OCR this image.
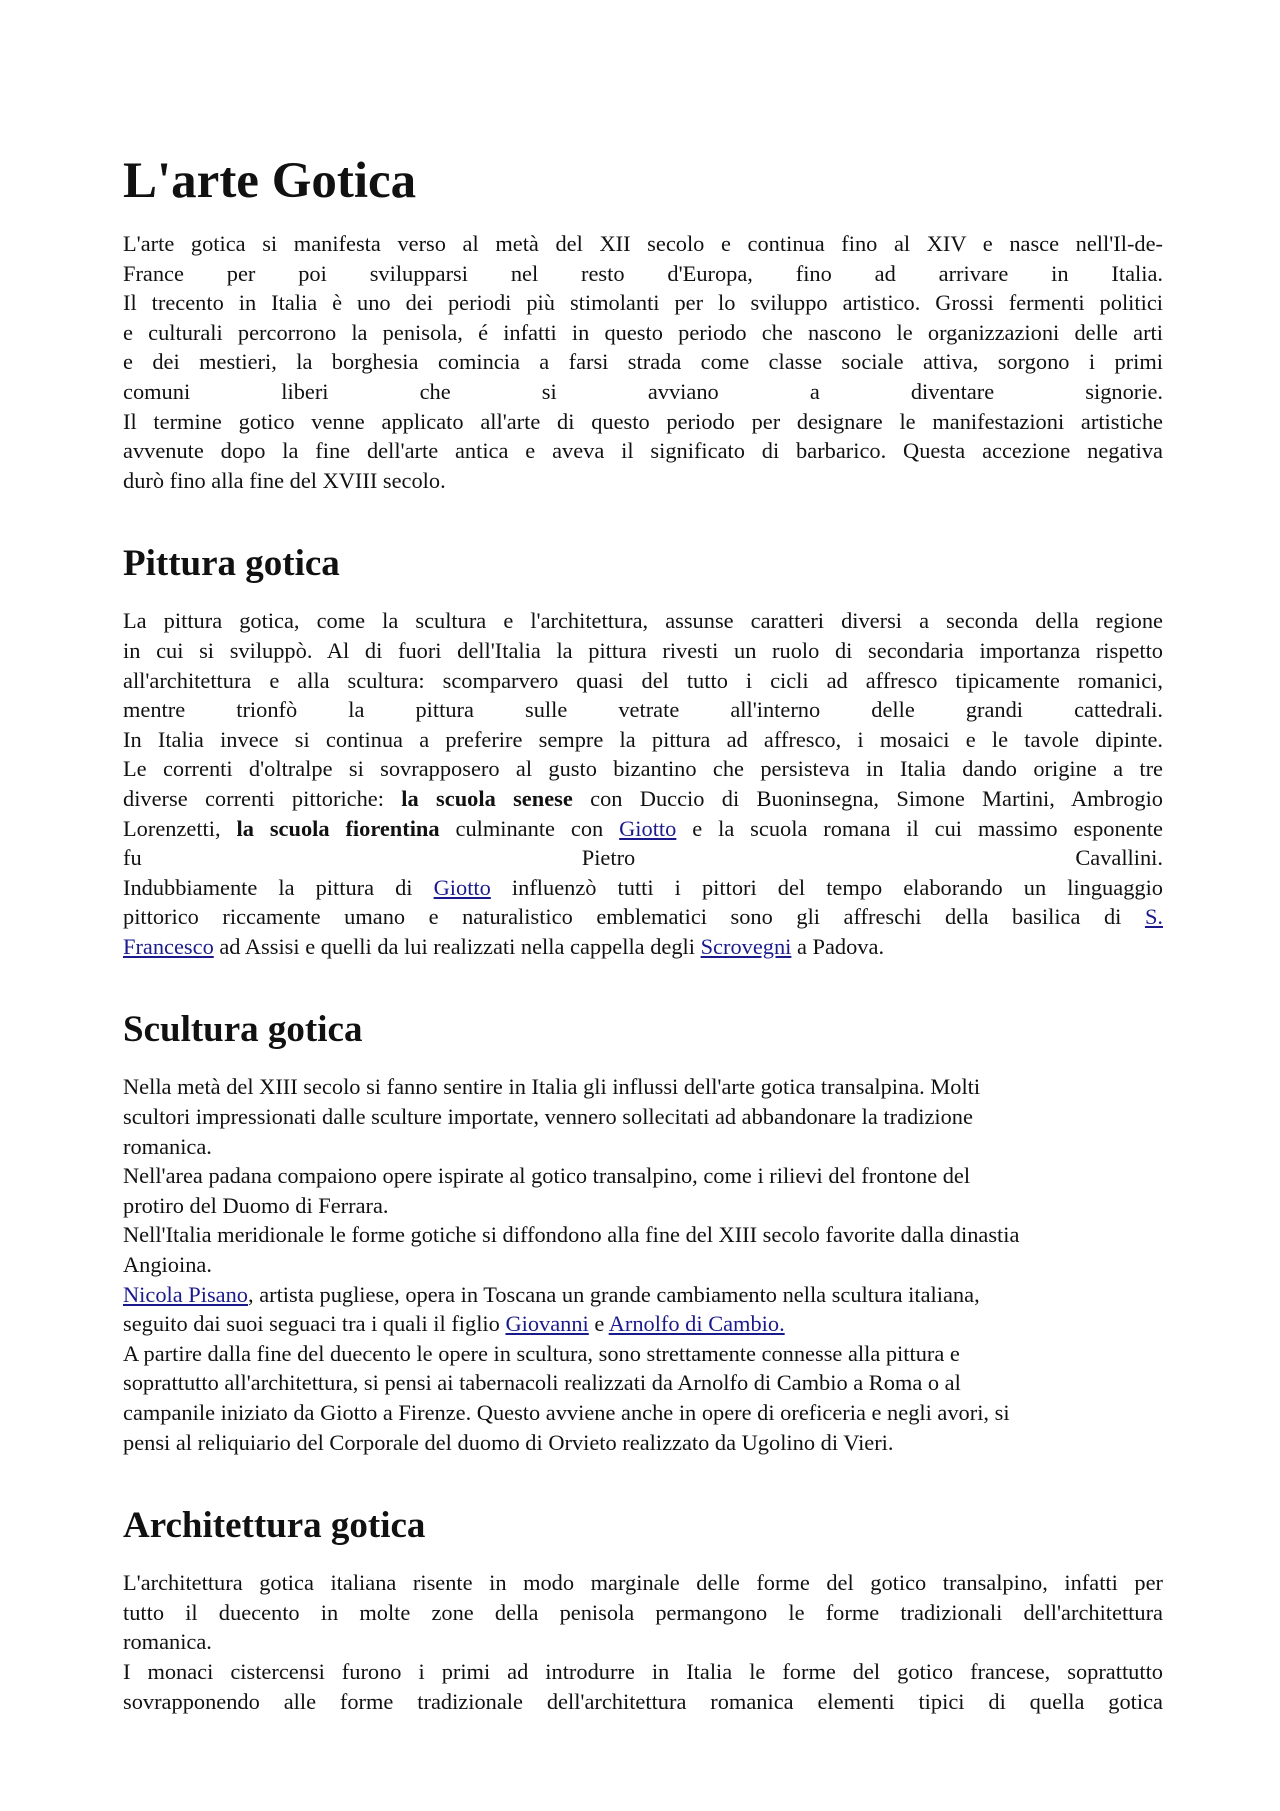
L'arte Gotica
L'arte gotica si manifesta verso al metà del XII secolo e continua fino al XIV e nasce nell'Il-de-
France per poi svilupparsi nel resto d'Europa, fino ad arrivare in Italia.
Il trecento in Italia è uno dei periodi più stimolanti per lo sviluppo artistico. Grossi fermenti politici
e culturali percorrono la penisola, é infatti in questo periodo che nascono le organizzazioni delle arti
e dei mestieri, la borghesia comincia a farsi strada come classe sociale attiva, sorgono i primi
comuni liberi che si avviano a diventare signorie.
Il termine gotico venne applicato all'arte di questo periodo per designare le manifestazioni artistiche
avvenute dopo la fine dell'arte antica e aveva il significato di barbarico. Questa accezione negativa
durò fino alla fine del XVIII secolo.
Pittura gotica
La pittura gotica, come la scultura e l'architettura, assunse caratteri diversi a seconda della regione
in cui si sviluppò. Al di fuori dell'Italia la pittura rivesti un ruolo di secondaria importanza rispetto
all'architettura e alla scultura: scomparvero quasi del tutto i cicli ad affresco tipicamente romanici,
mentre trionfò la pittura sulle vetrate all'interno delle grandi cattedrali.
In Italia invece si continua a preferire sempre la pittura ad affresco, i mosaici e le tavole dipinte.
Le correnti d'oltralpe si sovrapposero al gusto bizantino che persisteva in Italia dando origine a tre
diverse correnti pittoriche: la scuola senese con Duccio di Buoninsegna, Simone Martini, Ambrogio
Lorenzetti, la scuola fiorentina culminante con Giotto e la scuola romana il cui massimo esponente
fu Pietro Cavallini.
Indubbiamente la pittura di Giotto influenzò tutti i pittori del tempo elaborando un linguaggio
pittorico riccamente umano e naturalistico emblematici sono gli affreschi della basilica di S.
Francesco ad Assisi e quelli da lui realizzati nella cappella degli Scrovegni a Padova.
Scultura gotica
Nella metà del XIII secolo si fanno sentire in Italia gli influssi dell'arte gotica transalpina. Molti
scultori impressionati dalle sculture importate, vennero sollecitati ad abbandonare la tradizione
romanica.
Nell'area padana compaiono opere ispirate al gotico transalpino, come i rilievi del frontone del
protiro del Duomo di Ferrara.
Nell'Italia meridionale le forme gotiche si diffondono alla fine del XIII secolo favorite dalla dinastia
Angioina.
Nicola Pisano, artista pugliese, opera in Toscana un grande cambiamento nella scultura italiana,
seguito dai suoi seguaci tra i quali il figlio Giovanni e Arnolfo di Cambio.
A partire dalla fine del duecento le opere in scultura, sono strettamente connesse alla pittura e
soprattutto all'architettura, si pensi ai tabernacoli realizzati da Arnolfo di Cambio a Roma o al
campanile iniziato da Giotto a Firenze. Questo avviene anche in opere di oreficeria e negli avori, si
pensi al reliquiario del Corporale del duomo di Orvieto realizzato da Ugolino di Vieri.
Architettura gotica
L'architettura gotica italiana risente in modo marginale delle forme del gotico transalpino, infatti per
tutto il duecento in molte zone della penisola permangono le forme tradizionali dell'architettura
romanica.
I monaci cistercensi furono i primi ad introdurre in Italia le forme del gotico francese, soprattutto
sovrapponendo alle forme tradizionale dell'architettura romanica elementi tipici di quella gotica
